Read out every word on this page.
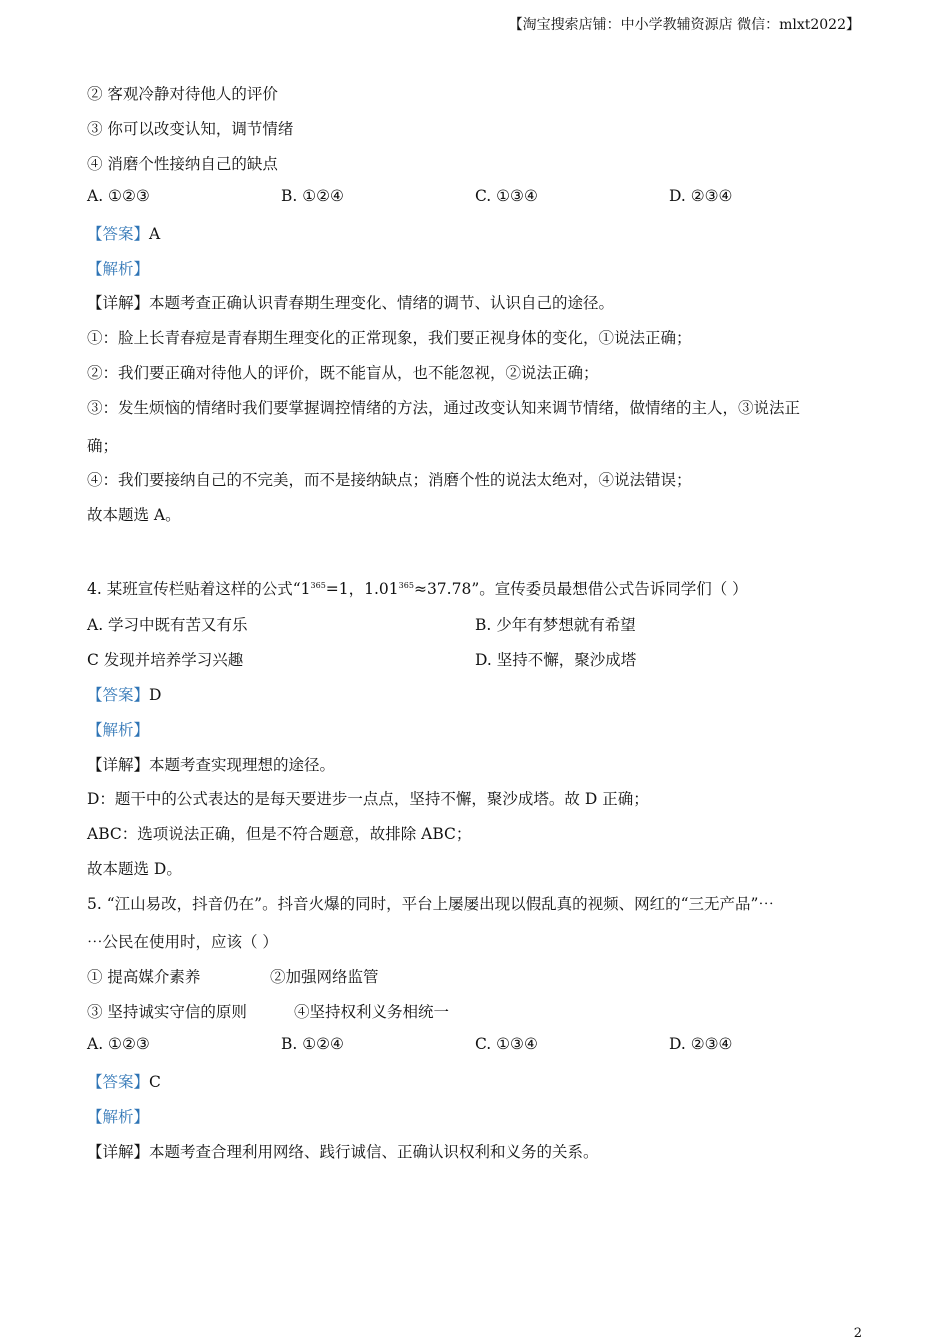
【淘宝搜索店铺：中小学教辅资源店 微信：mlxt2022】
② 客观冷静对待他人的评价
③ 你可以改变认知，调节情绪
④ 消磨个性接纳自己的缺点
A. ①②③	B. ①②④	C. ①③④	D. ②③④
【答案】A
【解析】
【详解】本题考查正确认识青春期生理变化、情绪的调节、认识自己的途径。
①：脸上长青春痘是青春期生理变化的正常现象，我们要正视身体的变化，①说法正确；
②：我们要正确对待他人的评价，既不能盲从，也不能忽视，②说法正确；
③：发生烦恼的情绪时我们要掌握调控情绪的方法，通过改变认知来调节情绪，做情绪的主人，③说法正
确；
④：我们要接纳自己的不完美，而不是接纳缺点；消磨个性的说法太绝对，④说法错误；
故本题选 A。
4. 某班宣传栏贴着这样的公式“$1^{365}=1$，$1.01^{365}\approx 37.78$”。宣传委员最想借公式告诉同学们（ ）
A. 学习中既有苦又有乐	B. 少年有梦想就有希望
C 发现并培养学习兴趣	D. 坚持不懈，聚沙成塔
【答案】D
【解析】
【详解】本题考查实现理想的途径。
D：题干中的公式表达的是每天要进步一点点，坚持不懈，聚沙成塔。故 D 正确；
ABC：选项说法正确，但是不符合题意，故排除 ABC；
故本题选 D。
5. “江山易改，抖音仍在”。抖音火爆的同时，平台上屡屡出现以假乱真的视频、网红的“三无产品”⋯
⋯公民在使用时，应该（ ）
① 提高媒介素养	②加强网络监管
③ 坚持诚实守信的原则	④坚持权利义务相统一
A. ①②③	B. ①②④	C. ①③④	D. ②③④
【答案】C
【解析】
【详解】本题考查合理利用网络、践行诚信、正确认识权利和义务的关系。
2
